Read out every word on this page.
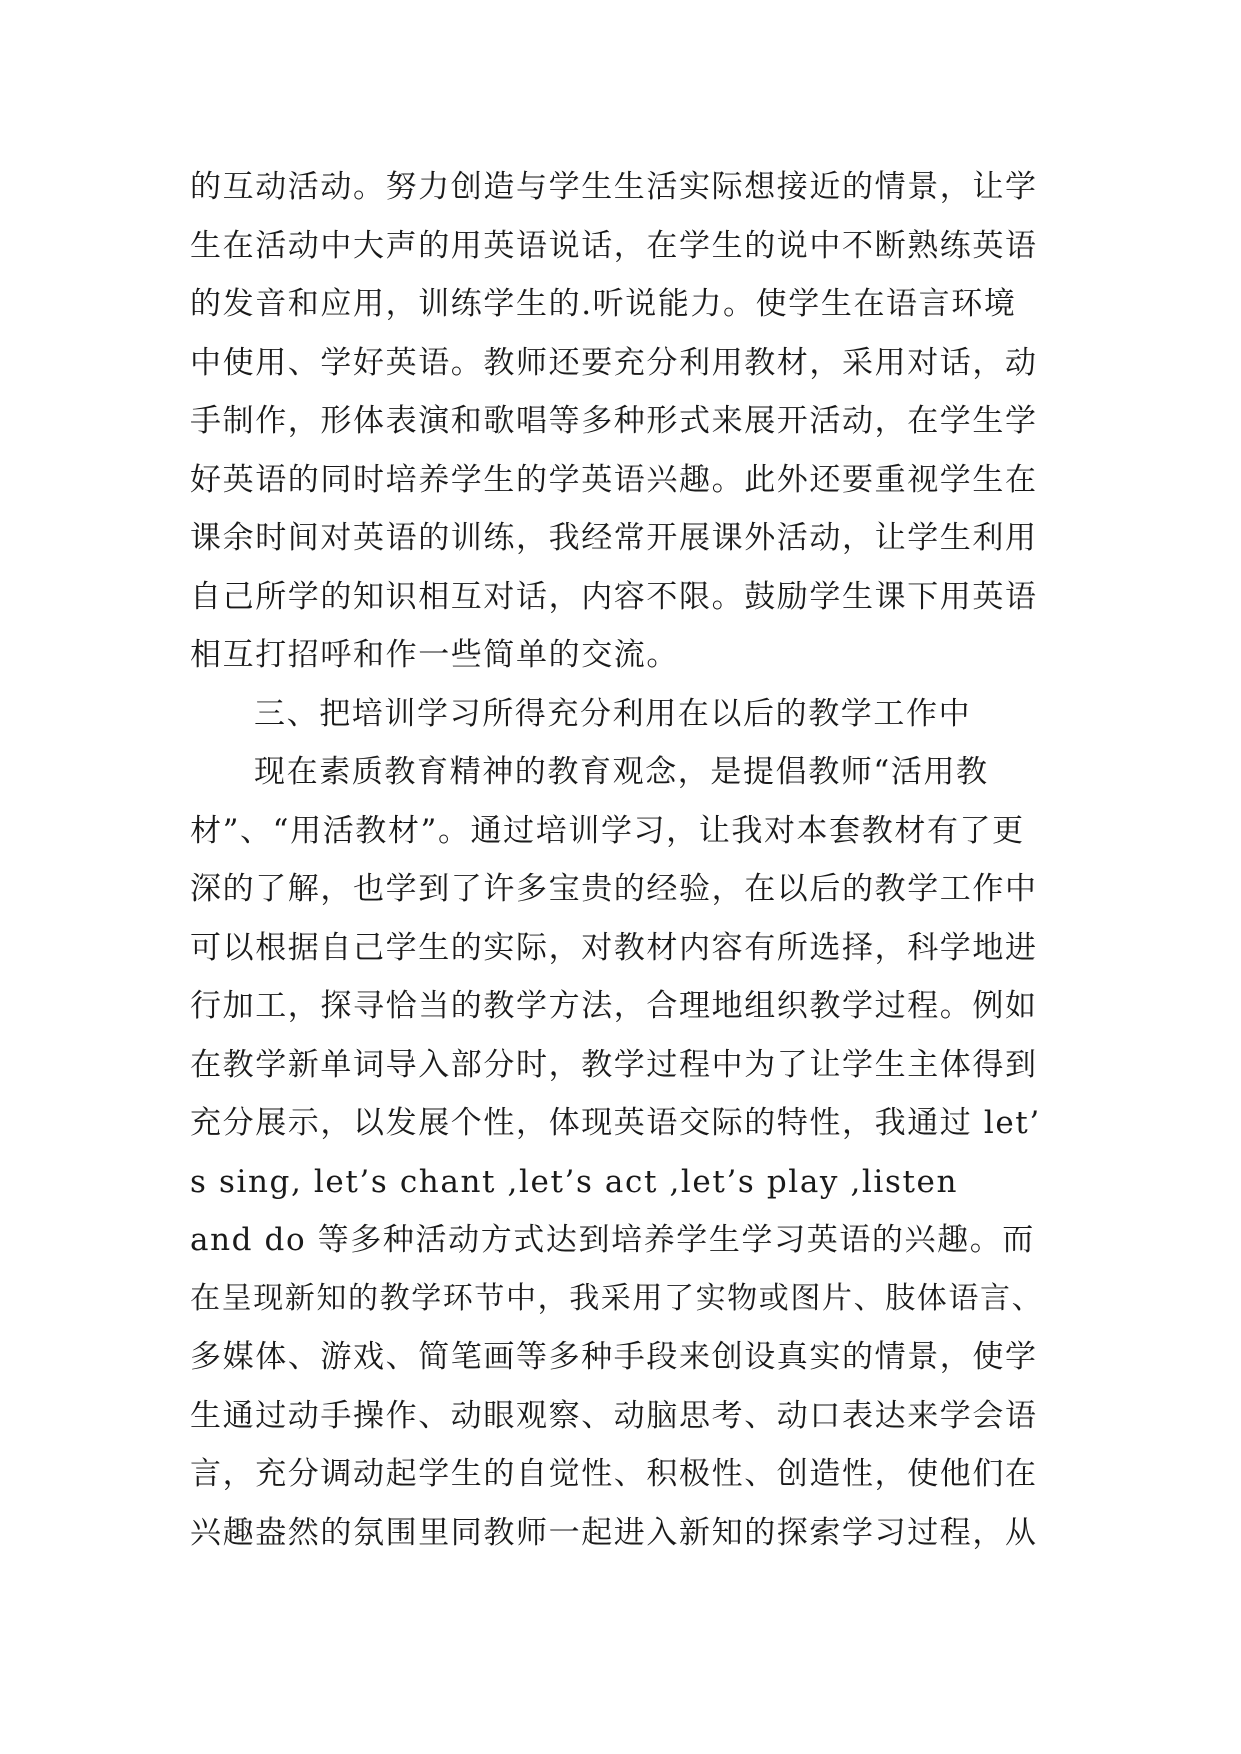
的互动活动。努力创造与学生生活实际想接近的情景，让学
生在活动中大声的用英语说话，在学生的说中不断熟练英语
的发音和应用，训练学生的.听说能力。使学生在语言环境
中使用、学好英语。教师还要充分利用教材，采用对话，动
手制作，形体表演和歌唱等多种形式来展开活动，在学生学
好英语的同时培养学生的学英语兴趣。此外还要重视学生在
课余时间对英语的训练，我经常开展课外活动，让学生利用
自己所学的知识相互对话，内容不限。鼓励学生课下用英语
相互打招呼和作一些简单的交流。
三、把培训学习所得充分利用在以后的教学工作中
现在素质教育精神的教育观念，是提倡教师“活用教
材”、“用活教材”。通过培训学习，让我对本套教材有了更
深的了解，也学到了许多宝贵的经验，在以后的教学工作中
可以根据自己学生的实际，对教材内容有所选择，科学地进
行加工，探寻恰当的教学方法，合理地组织教学过程。例如
在教学新单词导入部分时，教学过程中为了让学生主体得到
充分展示，以发展个性，体现英语交际的特性，我通过 let’
s sing, let’s chant ,let’s act ,let’s play ,listen
and do 等多种活动方式达到培养学生学习英语的兴趣。而
在呈现新知的教学环节中，我采用了实物或图片、肢体语言、
多媒体、游戏、简笔画等多种手段来创设真实的情景，使学
生通过动手操作、动眼观察、动脑思考、动口表达来学会语
言，充分调动起学生的自觉性、积极性、创造性，使他们在
兴趣盎然的氛围里同教师一起进入新知的探索学习过程，从
